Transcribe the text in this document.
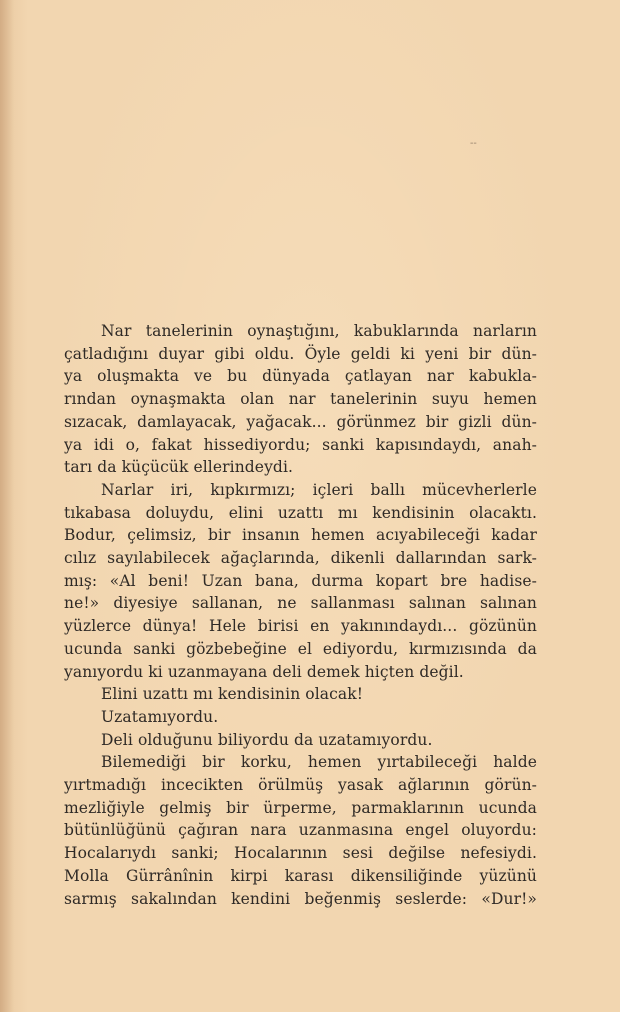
--
Nar tanelerinin oynaştığını, kabuklarında narların
çatladığını duyar gibi oldu. Öyle geldi ki yeni bir dün-
ya oluşmakta ve bu dünyada çatlayan nar kabukla-
rından oynaşmakta olan nar tanelerinin suyu hemen
sızacak, damlayacak, yağacak... görünmez bir gizli dün-
ya idi o, fakat hissediyordu; sanki kapısındaydı, anah-
tarı da küçücük ellerindeydi.
Narlar iri, kıpkırmızı; içleri ballı mücevherlerle
tıkabasa doluydu, elini uzattı mı kendisinin olacaktı.
Bodur, çelimsiz, bir insanın hemen acıyabileceği kadar
cılız sayılabilecek ağaçlarında, dikenli dallarından sark-
mış: «Al beni! Uzan bana, durma kopart bre hadise-
ne!» diyesiye sallanan, ne sallanması salınan salınan
yüzlerce dünya! Hele birisi en yakınındaydı... gözünün
ucunda sanki gözbebeğine el ediyordu, kırmızısında da
yanıyordu ki uzanmayana deli demek hiçten değil.
Elini uzattı mı kendisinin olacak!
Uzatamıyordu.
Deli olduğunu biliyordu da uzatamıyordu.
Bilemediği bir korku, hemen yırtabileceği halde
yırtmadığı incecikten örülmüş yasak ağlarının görün-
mezliğiyle gelmiş bir ürperme, parmaklarının ucunda
bütünlüğünü çağıran nara uzanmasına engel oluyordu:
Hocalarıydı sanki; Hocalarının sesi değilse nefesiydi.
Molla Gürrânînin kirpi karası dikensiliğinde yüzünü
sarmış sakalından kendini beğenmiş seslerde: «Dur!»
